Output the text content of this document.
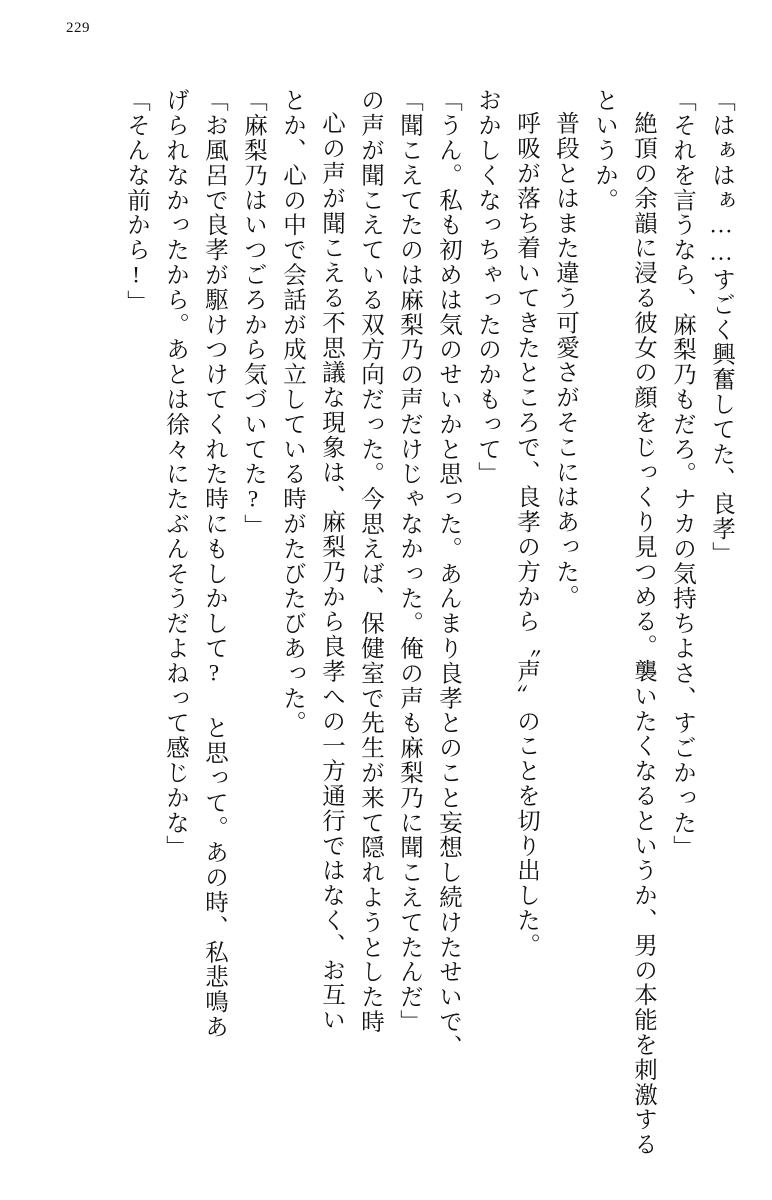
229

「はぁはぁ……すごく興奮してた、良孝」

「それを言うなら、麻梨乃もだろ。ナカの気持ちよさ、すごかった」

絶頂の余韻に浸る彼女の顔をじっくり見つめる。襲いたくなるというか、男の本能を刺激するというか。

普段とはまた違う可愛さがそこにはあった。

呼吸が落ち着いてきたところで、良孝の方から〝声〟のことを切り出した。

おかしくなっちゃったのかもって」

「うん。私も初めは気のせいかと思った。あんまり良孝とのこと妄想し続けたせいで、

「聞こえてたのは麻梨乃の声だけじゃなかった。俺の声も麻梨乃に聞こえてたんだ」

の声が聞こえている双方向だった。今思えば、保健室で先生が来て隠れようとした時

心の声が聞こえる不思議な現象は、麻梨乃から良孝への一方通行ではなく、お互い

とか、心の中で会話が成立している時がたびたびあった。

「麻梨乃はいつごろから気づいてた?」

「お風呂で良孝が駆けつけてくれた時にもしかして? と思って。あの時、私悲鳴あ

げられなかったから。あとは徐々にたぶんそうだよねって感じかな」

「そんな前から!」
